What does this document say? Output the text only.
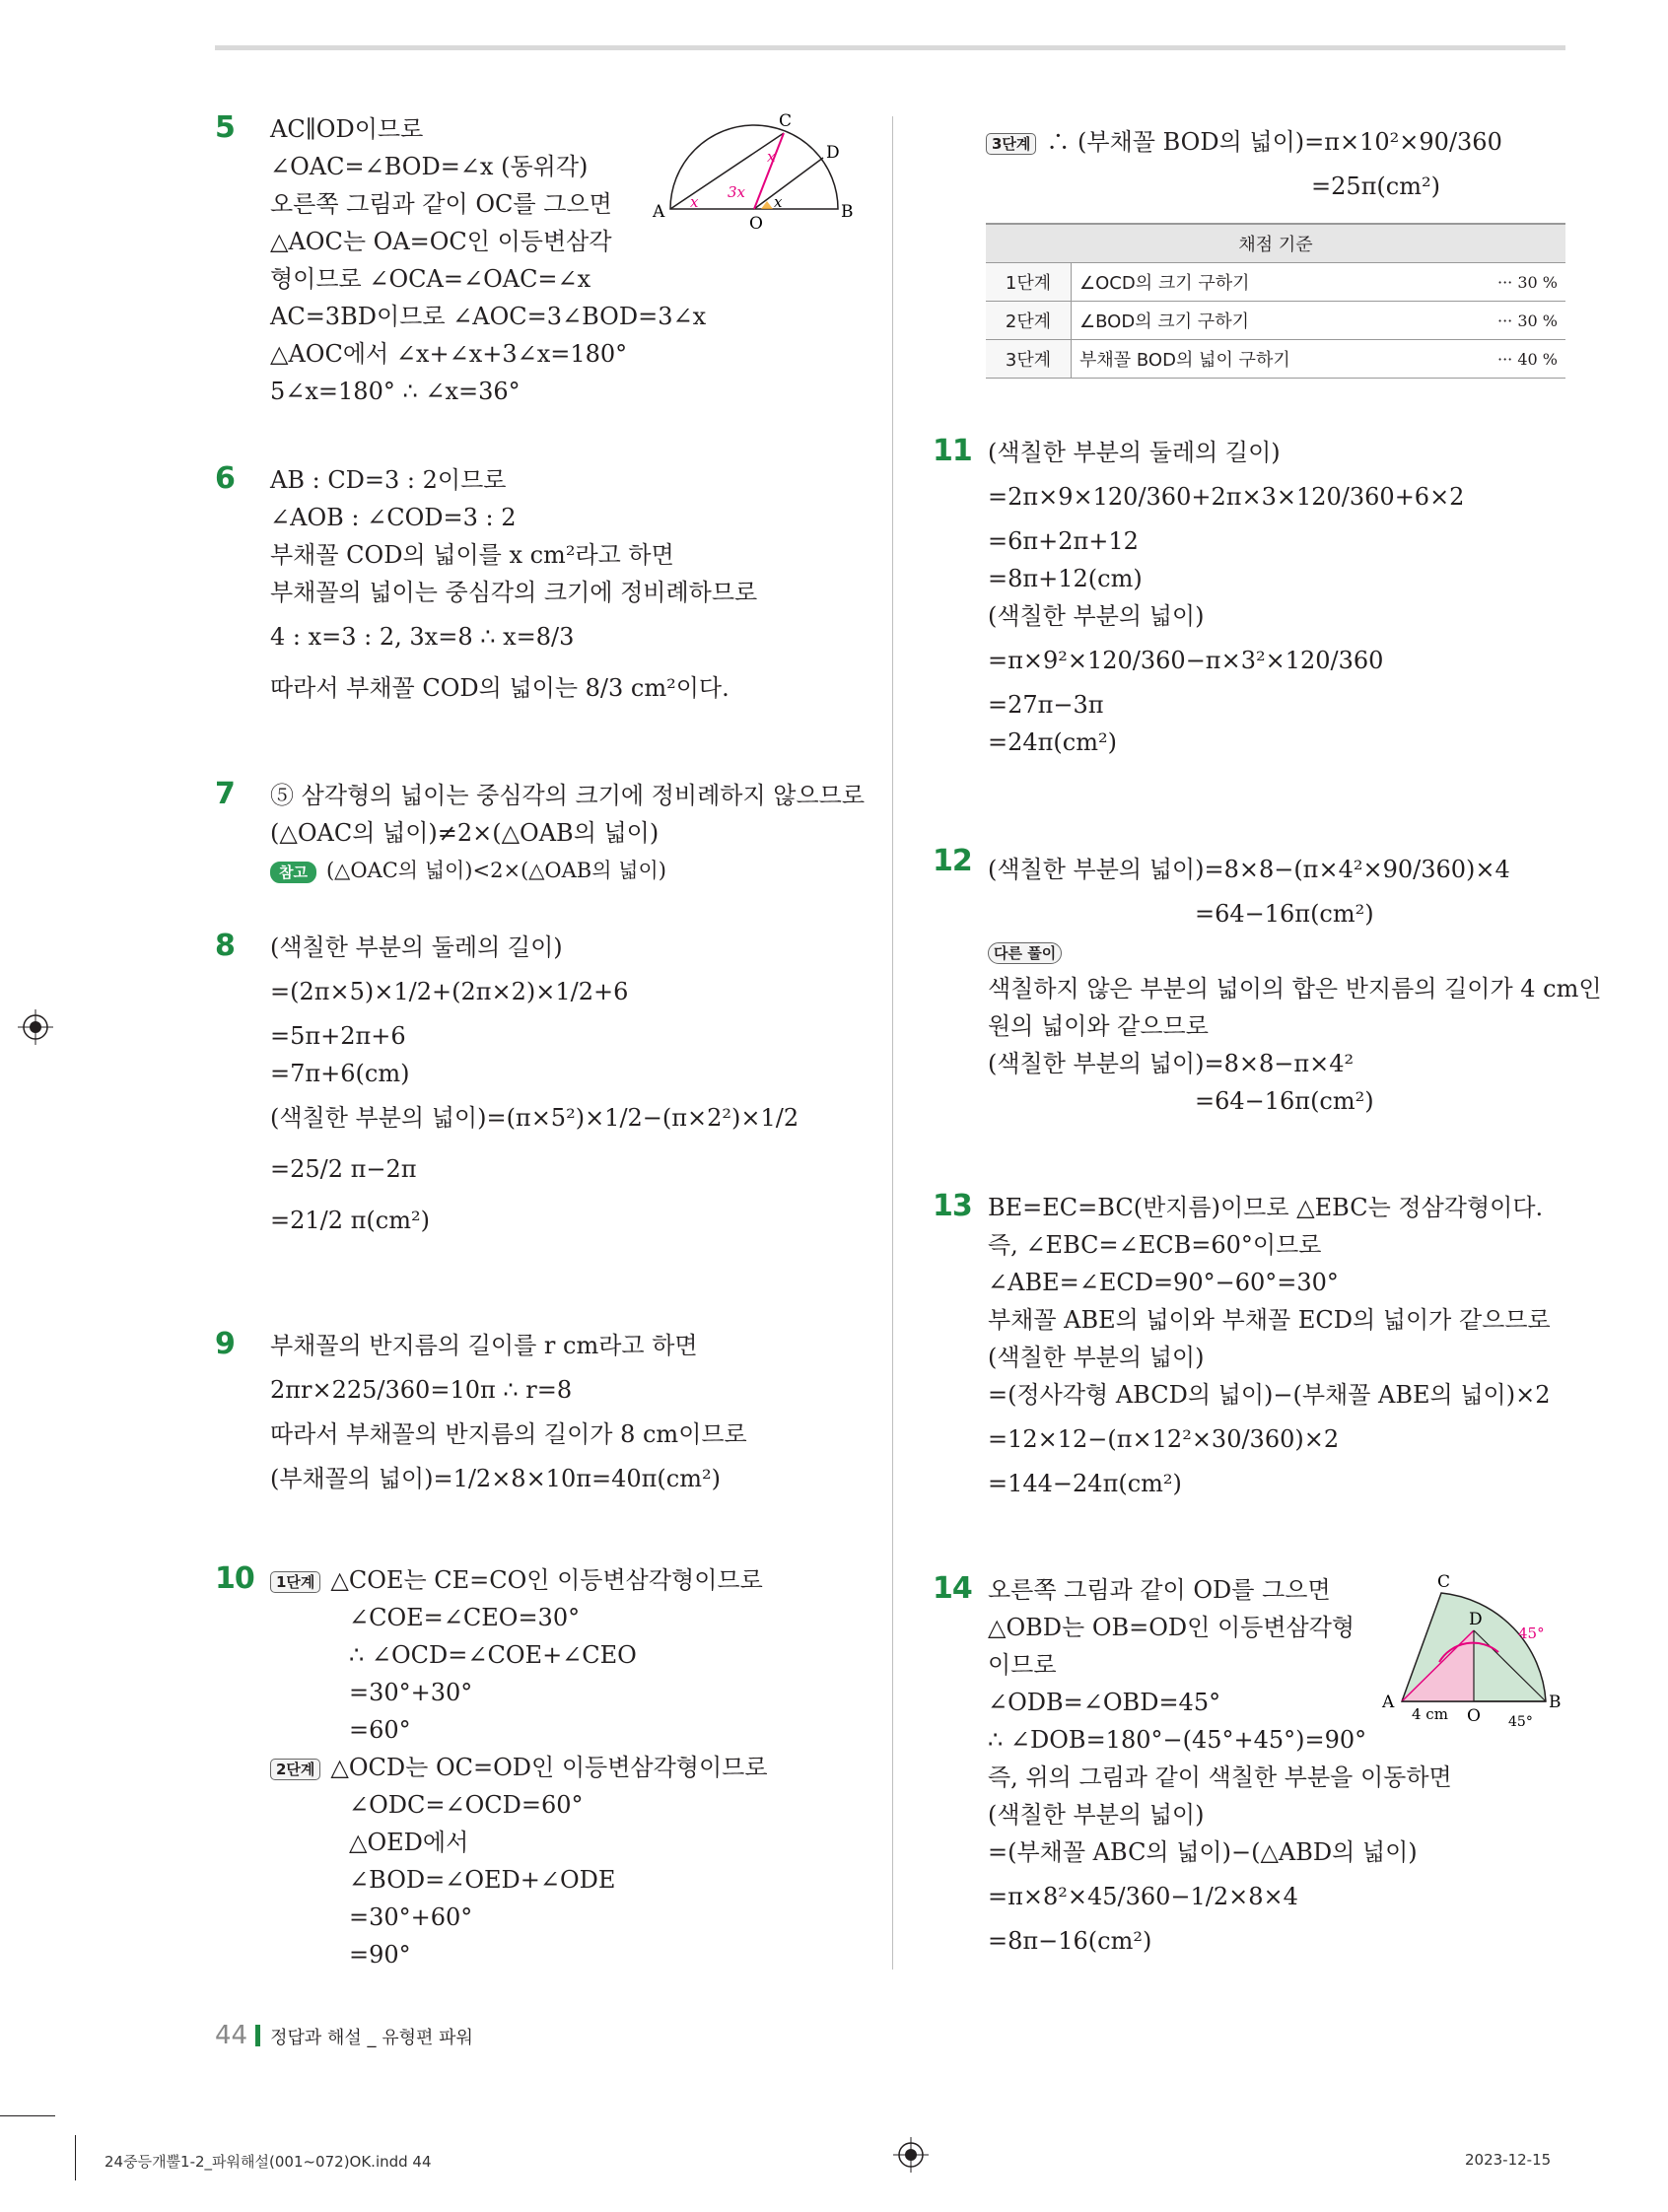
5 AC∥OD이므로
∠OAC=∠BOD=∠x (동위각)
오른쪽 그림과 같이 OC를 그으면
△AOC는 OA=OC인 이등변삼각
형이므로 ∠OCA=∠OAC=∠x
AC=3BD이므로 ∠AOC=3∠BOD=3∠x
△AOC에서 ∠x+∠x+3∠x=180°
5∠x=180° ∴ ∠x=36°
A	B
C
D
O
x
3x
x	x
6 AB : CD=3 : 2이므로
∠AOB : ∠COD=3 : 2
부채꼴 COD의 넓이를 x cm²라고 하면
부채꼴의 넓이는 중심각의 크기에 정비례하므로
4 : x=3 : 2, 3x=8 ∴ x=8/3
따라서 부채꼴 COD의 넓이는 8/3 cm²이다.
7 ⑤ 삼각형의 넓이는 중심각의 크기에 정비례하지 않으므로
(△OAC의 넓이)≠2×(△OAB의 넓이)
참고 (△OAC의 넓이)<2×(△OAB의 넓이)
8 (색칠한 부분의 둘레의 길이)
=(2π×5)×1/2+(2π×2)×1/2+6
=5π+2π+6
=7π+6(cm)
(색칠한 부분의 넓이)=(π×5²)×1/2−(π×2²)×1/2
=25/2 π−2π
=21/2 π(cm²)
9 부채꼴의 반지름의 길이를 r cm라고 하면
2πr×225/360=10π ∴ r=8
따라서 부채꼴의 반지름의 길이가 8 cm이므로
(부채꼴의 넓이)=1/2×8×10π=40π(cm²)
10	1단계 △COE는 CE=CO인 이등변삼각형이므로
∠COE=∠CEO=30°
∴ ∠OCD=∠COE+∠CEO
=30°+30°
=60°
2단계 △OCD는 OC=OD인 이등변삼각형이므로
∠ODC=∠OCD=60°
△OED에서
∠BOD=∠OED+∠ODE
=30°+60°
=90°
3단계 ∴ (부채꼴 BOD의 넓이)=π×10²×90/360
=25π(cm²)
채점 기준		
1단계	∠OCD의 크기 구하기	··· 30 %
2단계	∠BOD의 크기 구하기	··· 30 %
3단계	부채꼴 BOD의 넓이 구하기	··· 40 %
11 (색칠한 부분의 둘레의 길이)
=2π×9×120/360+2π×3×120/360+6×2
=6π+2π+12
=8π+12(cm)
(색칠한 부분의 넓이)
=π×9²×120/360−π×3²×120/360
=27π−3π
=24π(cm²)
12 (색칠한 부분의 넓이)=8×8−(π×4²×90/360)×4
=64−16π(cm²)
다른 풀이
색칠하지 않은 부분의 넓이의 합은 반지름의 길이가 4 cm인
원의 넓이와 같으므로
(색칠한 부분의 넓이)=8×8−π×4²
=64−16π(cm²)
13 BE=EC=BC(반지름)이므로 △EBC는 정삼각형이다.
즉, ∠EBC=∠ECB=60°이므로
∠ABE=∠ECD=90°−60°=30°
부채꼴 ABE의 넓이와 부채꼴 ECD의 넓이가 같으므로
(색칠한 부분의 넓이)
=(정사각형 ABCD의 넓이)−(부채꼴 ABE의 넓이)×2
=12×12−(π×12²×30/360)×2
=144−24π(cm²)
14 오른쪽 그림과 같이 OD를 그으면
△OBD는 OB=OD인 이등변삼각형
이므로
∠ODB=∠OBD=45°
∴ ∠DOB=180°−(45°+45°)=90°
즉, 위의 그림과 같이 색칠한 부분을 이동하면
(색칠한 부분의 넓이)
=(부채꼴 ABC의 넓이)−(△ABD의 넓이)
=π×8²×45/360−1/2×8×4
=8π−16(cm²)
C
D
A	B
O
4 cm
45°
45°
44 정답과 해설 _ 유형편 파워
24중등개뿔1-2_파워해설(001~072)OK.indd 44	2023-12-15
